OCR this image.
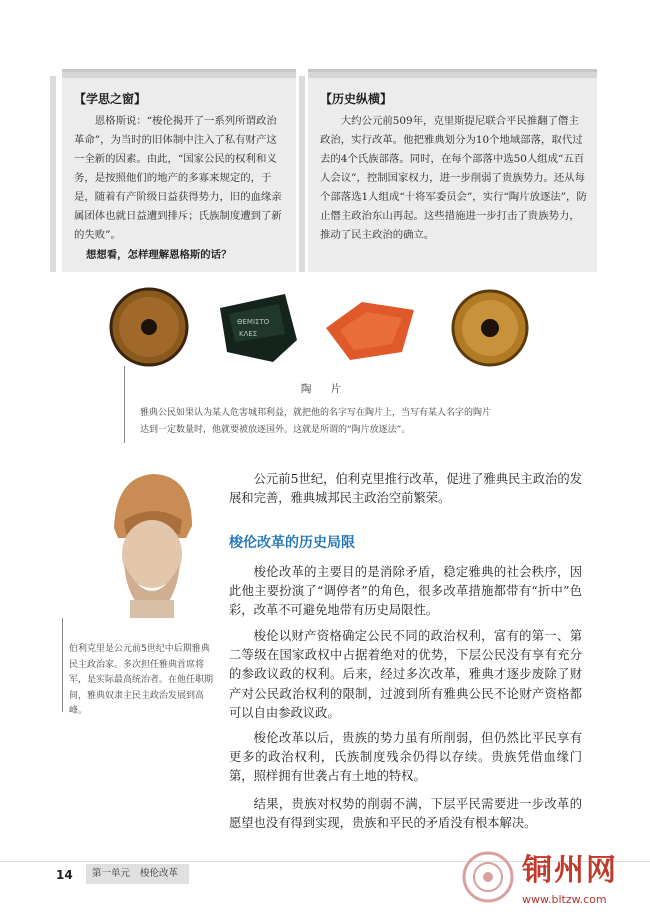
【学思之窗】
恩格斯说：“梭伦揭开了一系列所谓政治革命”，为当时的旧体制中注入了私有财产这一全新的因素。由此，“国家公民的权利和义务，是按照他们的地产的多寡来规定的，于是，随着有产阶级日益获得势力，旧的血缘亲属团体也就日益遭到排斥；氏族制度遭到了新的失败”。
想想看，怎样理解恩格斯的话？
【历史纵横】
大约公元前509年，克里斯提尼联合平民推翻了僭主政治，实行改革。他把雅典划分为10个地域部落，取代过去的4个氏族部落。同时，在每个部落中选50人组成“五百人会议”，控制国家权力，进一步削弱了贵族势力。还从每个部落选1人组成“十将军委员会”，实行“陶片放逐法”，防止僭主政治东山再起。这些措施进一步打击了贵族势力，推动了民主政治的确立。
ΘΕΜΙΣΤΟ
ΚΛΕΣ
陶 片
雅典公民如果认为某人危害城邦利益，就把他的名字写在陶片上，当写有某人名字的陶片达到一定数量时，他就要被放逐国外。这就是所谓的“陶片放逐法”。
伯利克里是公元前5世纪中后期雅典民主政治家。多次担任雅典首席将军，是实际最高统治者。在他任职期间，雅典奴隶主民主政治发展到高峰。

公元前5世纪，伯利克里推行改革，促进了雅典民主政治的发展和完善，雅典城邦民主政治空前繁荣。

梭伦改革的历史局限

梭伦改革的主要目的是消除矛盾，稳定雅典的社会秩序，因此他主要扮演了“调停者”的角色，很多改革措施都带有“折中”色彩，改革不可避免地带有历史局限性。

梭伦以财产资格确定公民不同的政治权利，富有的第一、第二等级在国家政权中占据着绝对的优势，下层公民没有享有充分的参政议政的权利。后来，经过多次改革，雅典才逐步废除了财产对公民政治权利的限制，过渡到所有雅典公民不论财产资格都可以自由参政议政。

梭伦改革以后，贵族的势力虽有所削弱，但仍然比平民享有更多的政治权利，氏族制度残余仍得以存续。贵族凭借血缘门第，照样拥有世袭占有土地的特权。

结果，贵族对权势的削弱不满，下层平民需要进一步改革的愿望也没有得到实现，贵族和平民的矛盾没有根本解决。

14	第一单元 梭伦改革	铜州网
www.bltzw.com
